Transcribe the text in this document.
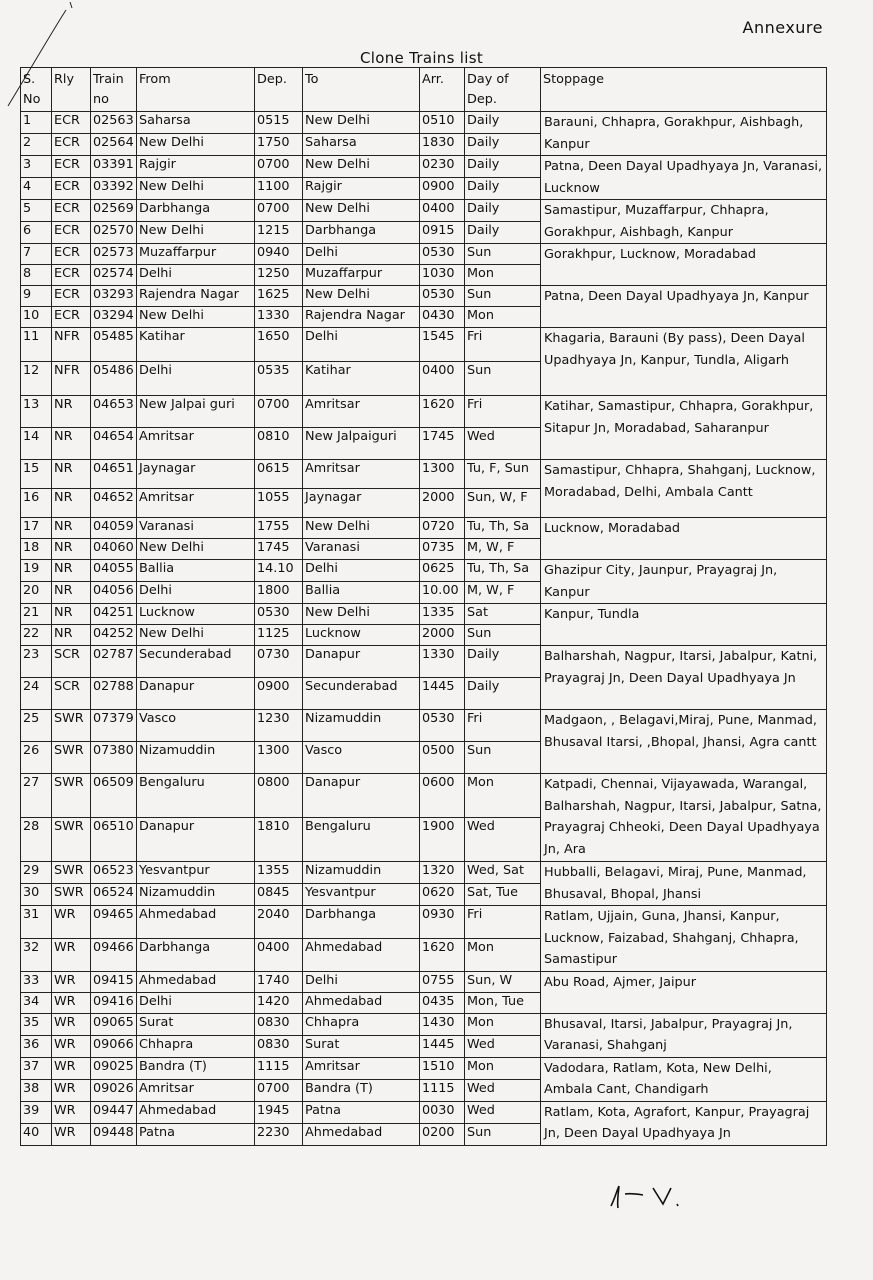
Annexure
Clone Trains list
S. No	Rly	Train no	From	Dep.	To	Arr.	Day of Dep.	Stoppage
1	ECR	02563	Saharsa	0515	New Delhi	0510	Daily	Barauni, Chhapra, Gorakhpur, Aishbagh, Kanpur
2	ECR	02564	New Delhi	1750	Saharsa	1830	Daily	
3	ECR	03391	Rajgir	0700	New Delhi	0230	Daily	Patna, Deen Dayal Upadhyaya Jn, Varanasi, Lucknow
4	ECR	03392	New Delhi	1100	Rajgir	0900	Daily	
5	ECR	02569	Darbhanga	0700	New Delhi	0400	Daily	Samastipur, Muzaffarpur, Chhapra, Gorakhpur, Aishbagh, Kanpur
6	ECR	02570	New Delhi	1215	Darbhanga	0915	Daily	
7	ECR	02573	Muzaffarpur	0940	Delhi	0530	Sun	Gorakhpur, Lucknow, Moradabad
8	ECR	02574	Delhi	1250	Muzaffarpur	1030	Mon	
9	ECR	03293	Rajendra Nagar	1625	New Delhi	0530	Sun	Patna, Deen Dayal Upadhyaya Jn, Kanpur
10	ECR	03294	New Delhi	1330	Rajendra Nagar	0430	Mon	
11	NFR	05485	Katihar	1650	Delhi	1545	Fri	Khagaria, Barauni (By pass), Deen Dayal Upadhyaya Jn, Kanpur, Tundla, Aligarh
12	NFR	05486	Delhi	0535	Katihar	0400	Sun	
13	NR	04653	New Jalpai guri	0700	Amritsar	1620	Fri	Katihar, Samastipur, Chhapra, Gorakhpur, Sitapur Jn, Moradabad, Saharanpur
14	NR	04654	Amritsar	0810	New Jalpaiguri	1745	Wed	
15	NR	04651	Jaynagar	0615	Amritsar	1300	Tu, F, Sun	Samastipur, Chhapra, Shahganj, Lucknow, Moradabad, Delhi, Ambala Cantt
16	NR	04652	Amritsar	1055	Jaynagar	2000	Sun, W, F	
17	NR	04059	Varanasi	1755	New Delhi	0720	Tu, Th, Sa	Lucknow, Moradabad
18	NR	04060	New Delhi	1745	Varanasi	0735	M, W, F	
19	NR	04055	Ballia	14.10	Delhi	0625	Tu, Th, Sa	Ghazipur City, Jaunpur, Prayagraj Jn, Kanpur
20	NR	04056	Delhi	1800	Ballia	10.00	M, W, F	
21	NR	04251	Lucknow	0530	New Delhi	1335	Sat	Kanpur, Tundla
22	NR	04252	New Delhi	1125	Lucknow	2000	Sun	
23	SCR	02787	Secunderabad	0730	Danapur	1330	Daily	Balharshah, Nagpur, Itarsi, Jabalpur, Katni, Prayagraj Jn, Deen Dayal Upadhyaya Jn
24	SCR	02788	Danapur	0900	Secunderabad	1445	Daily	
25	SWR	07379	Vasco	1230	Nizamuddin	0530	Fri	Madgaon, , Belagavi,Miraj, Pune, Manmad, Bhusaval Itarsi, ,Bhopal, Jhansi, Agra cantt
26	SWR	07380	Nizamuddin	1300	Vasco	0500	Sun	
27	SWR	06509	Bengaluru	0800	Danapur	0600	Mon	Katpadi, Chennai, Vijayawada, Warangal, Balharshah, Nagpur, Itarsi, Jabalpur, Satna, Prayagraj Chheoki, Deen Dayal Upadhyaya Jn, Ara
28	SWR	06510	Danapur	1810	Bengaluru	1900	Wed	
29	SWR	06523	Yesvantpur	1355	Nizamuddin	1320	Wed, Sat	Hubballi, Belagavi, Miraj, Pune, Manmad, Bhusaval, Bhopal, Jhansi
30	SWR	06524	Nizamuddin	0845	Yesvantpur	0620	Sat, Tue	
31	WR	09465	Ahmedabad	2040	Darbhanga	0930	Fri	Ratlam, Ujjain, Guna, Jhansi, Kanpur, Lucknow, Faizabad, Shahganj, Chhapra, Samastipur
32	WR	09466	Darbhanga	0400	Ahmedabad	1620	Mon	
33	WR	09415	Ahmedabad	1740	Delhi	0755	Sun, W	Abu Road, Ajmer, Jaipur
34	WR	09416	Delhi	1420	Ahmedabad	0435	Mon, Tue	
35	WR	09065	Surat	0830	Chhapra	1430	Mon	Bhusaval, Itarsi, Jabalpur, Prayagraj Jn, Varanasi, Shahganj
36	WR	09066	Chhapra	0830	Surat	1445	Wed	
37	WR	09025	Bandra (T)	1115	Amritsar	1510	Mon	Vadodara, Ratlam, Kota, New Delhi, Ambala Cant, Chandigarh
38	WR	09026	Amritsar	0700	Bandra (T)	1115	Wed	
39	WR	09447	Ahmedabad	1945	Patna	0030	Wed	Ratlam, Kota, Agrafort, Kanpur, Prayagraj Jn, Deen Dayal Upadhyaya Jn
40	WR	09448	Patna	2230	Ahmedabad	0200	Sun	
